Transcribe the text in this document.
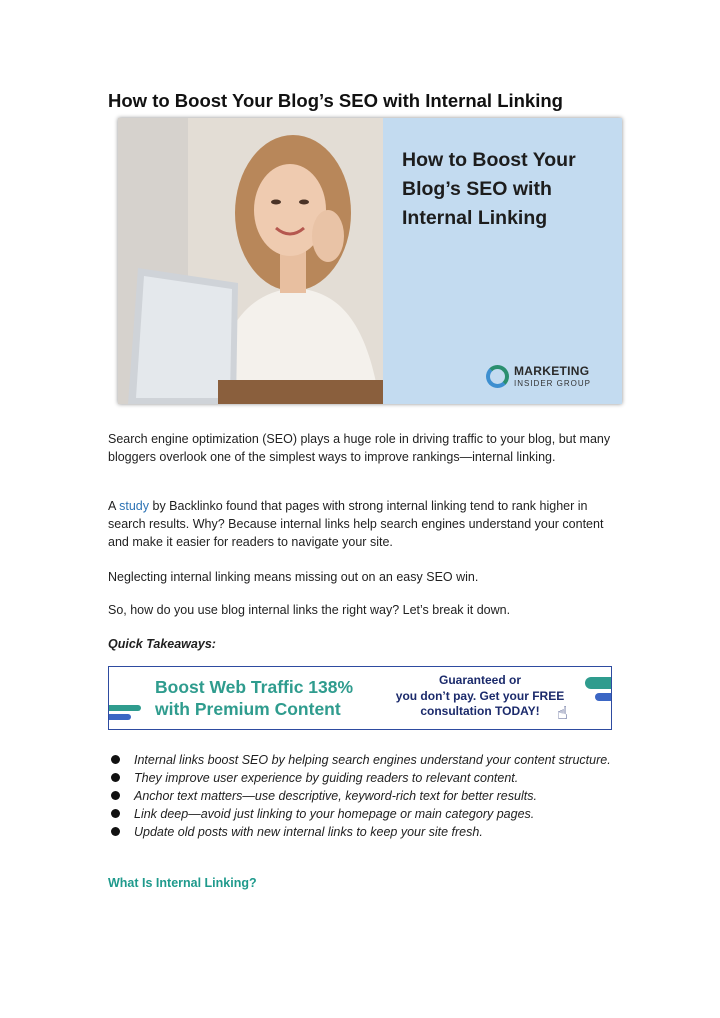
How to Boost Your Blog’s SEO with Internal Linking
How to Boost Your
Blog’s SEO with
Internal Linking
MARKETING
INSIDER GROUP

Search engine optimization (SEO) plays a huge role in driving traffic to your blog, but many bloggers overlook one of the simplest ways to improve rankings—internal linking.

A study by Backlinko found that pages with strong internal linking tend to rank higher in search results. Why? Because internal links help search engines understand your content and make it easier for readers to navigate your site.

Neglecting internal linking means missing out on an easy SEO win.

So, how do you use blog internal links the right way? Let’s break it down.

Quick Takeaways:

Boost Web Traffic 138%
with Premium Content
Guaranteed or
you don’t pay. Get your FREE
consultation TODAY! ☝
Internal links boost SEO by helping search engines understand your content structure.
They improve user experience by guiding readers to relevant content.
Anchor text matters—use descriptive, keyword-rich text for better results.
Link deep—avoid just linking to your homepage or main category pages.
Update old posts with new internal links to keep your site fresh.
What Is Internal Linking?
